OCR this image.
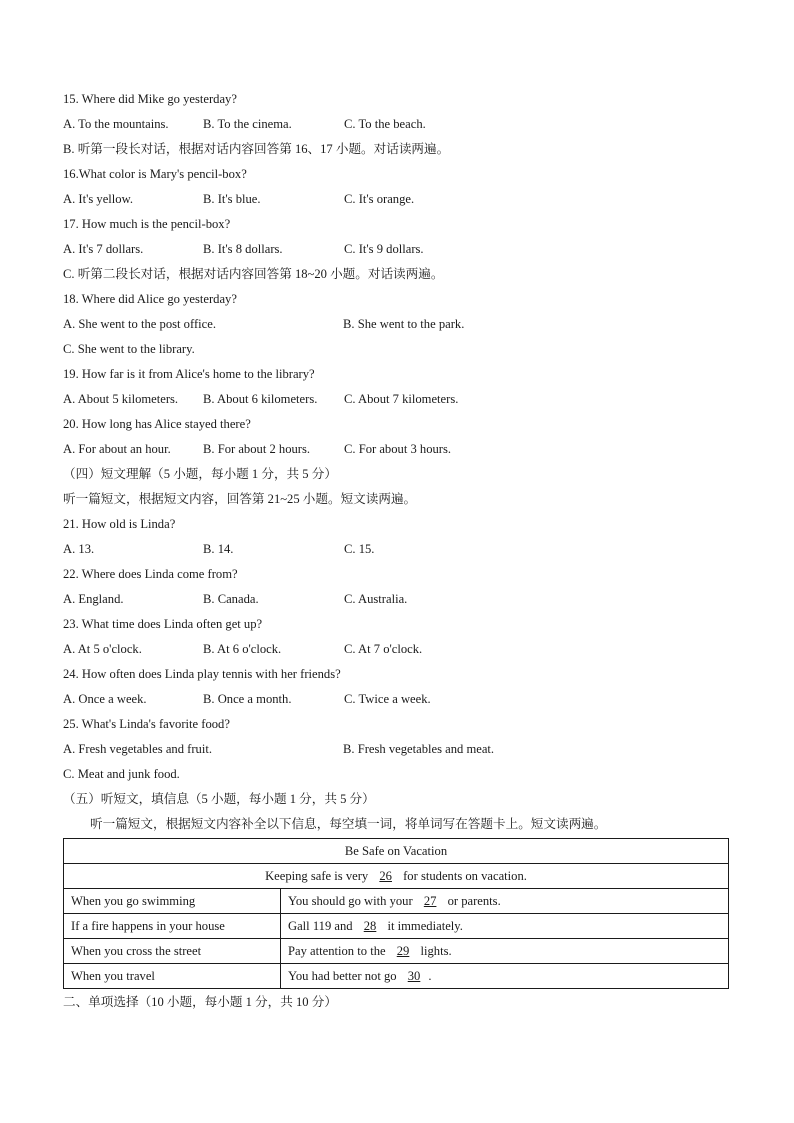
15. Where did Mike go yesterday?
A. To the mountains.	B. To the cinema.	C. To the beach.
B. 听第一段长对话，根据对话内容回答第 16、17 小题。对话读两遍。
16.What color is Mary's pencil-box?
A. It's yellow.	B. It's blue.	C. It's orange.
17. How much is the pencil-box?
A. It's 7 dollars.	B. It's 8 dollars.	C. It's 9 dollars.
C. 听第二段长对话，根据对话内容回答第 18~20 小题。对话读两遍。
18. Where did Alice go yesterday?
A. She went to the post office.	B. She went to the park.
C. She went to the library.
19. How far is it from Alice's home to the library?
A. About 5 kilometers. B. About 6 kilometers. C. About 7 kilometers.
20. How long has Alice stayed there?
A. For about an hour.	B. For about 2 hours.	C. For about 3 hours.
（四）短文理解（5 小题，每小题 1 分，共 5 分）
听一篇短文，根据短文内容，回答第 21~25 小题。短文读两遍。
21. How old is Linda?
A. 13.	B. 14.	C. 15.
22. Where does Linda come from?
A. England.	B. Canada.	C. Australia.
23. What time does Linda often get up?
A. At 5 o'clock.	B. At 6 o'clock.	C. At 7 o'clock.
24. How often does Linda play tennis with her friends?
A. Once a week.	B. Once a month.	C. Twice a week.
25. What's Linda's favorite food?
A. Fresh vegetables and fruit.	B. Fresh vegetables and meat.
C. Meat and junk food.
（五）听短文，填信息（5 小题，每小题 1 分，共 5 分）
听一篇短文，根据短文内容补全以下信息，每空填一词，将单词写在答题卡上。短文读两遍。
Be Safe on Vacation	
Keeping safe is very 26 for students on vacation.	
When you go swimming	You should go with your 27 or parents.
If a fire happens in your house	Gall 119 and 28 it immediately.
When you cross the street	Pay attention to the 29 lights.
When you travel	You had better not go 30 .
二、单项选择（10 小题，每小题 1 分，共 10 分）
